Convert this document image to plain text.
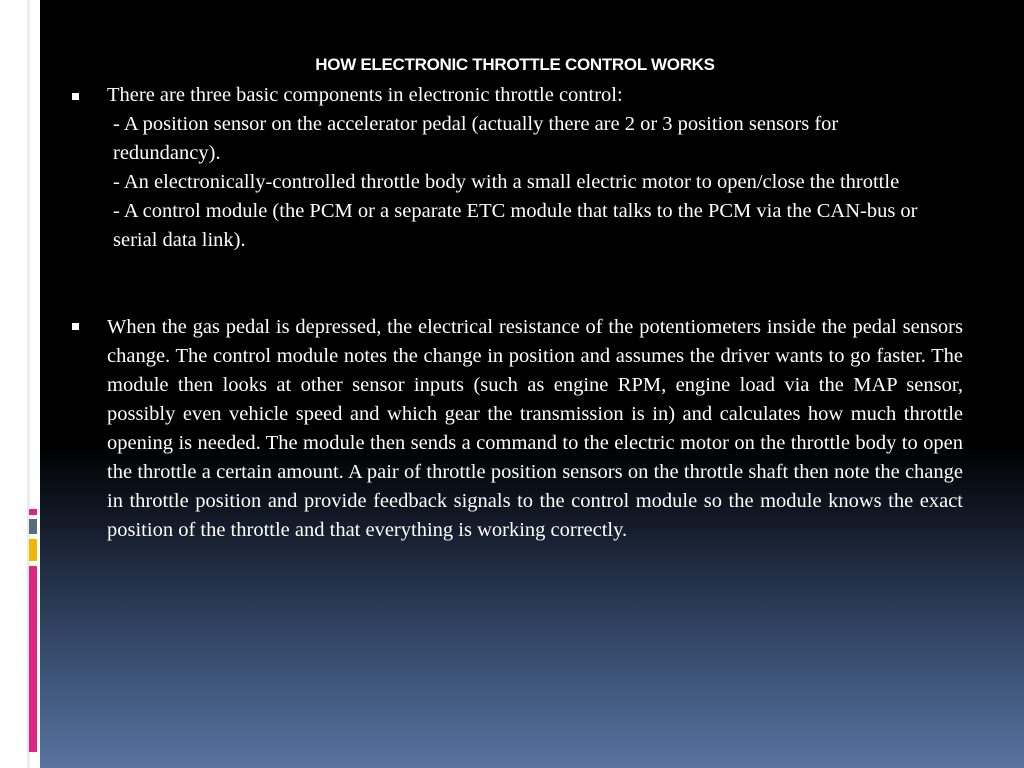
HOW ELECTRONIC THROTTLE CONTROL WORKS
There are three basic components in electronic throttle control:
- A position sensor on the accelerator pedal (actually there are 2 or 3 position sensors for redundancy).
- An electronically-controlled throttle body with a small electric motor to open/close the throttle
- A control module (the PCM or a separate ETC module that talks to the PCM via the CAN-bus or serial data link).
When the gas pedal is depressed, the electrical resistance of the potentiometers inside the pedal sensors change. The control module notes the change in position and assumes the driver wants to go faster. The module then looks at other sensor inputs (such as engine RPM, engine load via the MAP sensor, possibly even vehicle speed and which gear the transmission is in) and calculates how much throttle opening is needed. The module then sends a command to the electric motor on the throttle body to open the throttle a certain amount. A pair of throttle position sensors on the throttle shaft then note the change in throttle position and provide feedback signals to the control module so the module knows the exact position of the throttle and that everything is working correctly.
